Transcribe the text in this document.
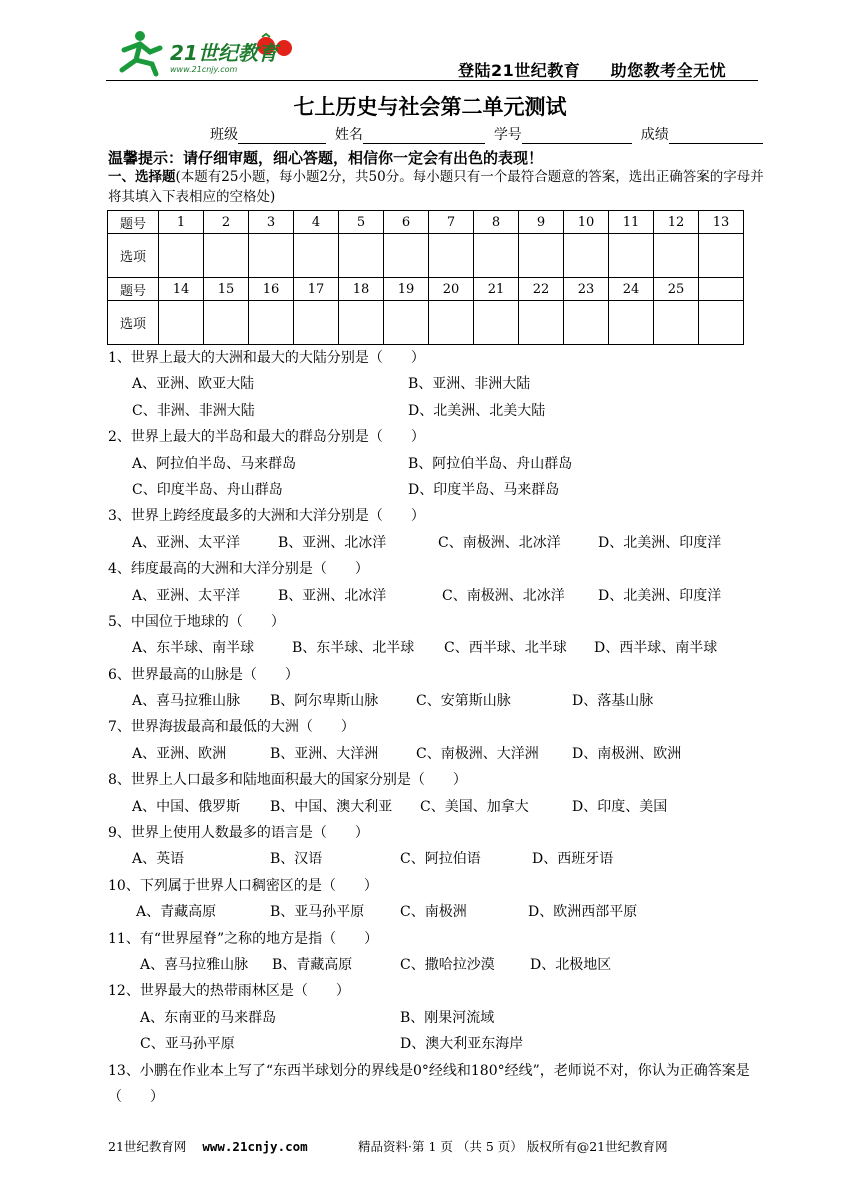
21世纪教育
www.21cnjy.com	登陆21世纪教育 助您教考全无忧
七上历史与社会第二单元测试
班级	姓名	学号	成绩
温馨提示：请仔细审题，细心答题，相信你一定会有出色的表现！
一、选择题(本题有25小题，每小题2分，共50分。每小题只有一个最符合题意的答案，选出正确答案的字母并将其填入下表相应的空格处)
题号	1	2	3	4	5	6	7	8	9	10	11	12	13
选项													
题号	14	15	16	17	18	19	20	21	22	23	24	25	
选项													
1、世界上最大的大洲和最大的大陆分别是（　　）
A、亚洲、欧亚大陆	B、亚洲、非洲大陆
C、非洲、非洲大陆	D、北美洲、北美大陆
2、世界上最大的半岛和最大的群岛分别是（　　）
A、阿拉伯半岛、马来群岛	B、阿拉伯半岛、舟山群岛
C、印度半岛、舟山群岛	D、印度半岛、马来群岛
3、世界上跨经度最多的大洲和大洋分别是（　　）
A、亚洲、太平洋	B、亚洲、北冰洋	C、南极洲、北冰洋	D、北美洲、印度洋
4、纬度最高的大洲和大洋分别是（　　）
A、亚洲、太平洋	B、亚洲、北冰洋	C、南极洲、北冰洋 D、北美洲、印度洋
5、中国位于地球的（　　）
A、东半球、南半球	B、东半球、北半球 C、西半球、北半球 D、西半球、南半球
6、世界最高的山脉是（　　）
A、喜马拉雅山脉 B、阿尔卑斯山脉	C、安第斯山脉	D、落基山脉
7、世界海拔最高和最低的大洲（　　）
A、亚洲、欧洲	B、亚洲、大洋洲	C、南极洲、大洋洲 D、南极洲、欧洲
8、世界上人口最多和陆地面积最大的国家分别是（　　）
A、中国、俄罗斯 B、中国、澳大利亚 C、美国、加拿大	D、印度、美国
9、世界上使用人数最多的语言是（　　）
A、英语	B、汉语	C、阿拉伯语	D、西班牙语
10、下列属于世界人口稠密区的是（　　）
A、青藏高原	B、亚马孙平原	C、南极洲	D、欧洲西部平原
11、有“世界屋脊”之称的地方是指（　　）
A、喜马拉雅山脉 B、青藏高原	C、撒哈拉沙漠	D、北极地区
12、世界最大的热带雨林区是（　　）
A、东南亚的马来群岛	B、刚果河流域
C、亚马孙平原	D、澳大利亚东海岸
13、小鹏在作业本上写了“东西半球划分的界线是0°经线和180°经线”，老师说不对，你认为正确答案是（　　）
21世纪教育网 www.21cnjy.com	精品资料·第 1 页 （共 5 页） 版权所有@21世纪教育网
